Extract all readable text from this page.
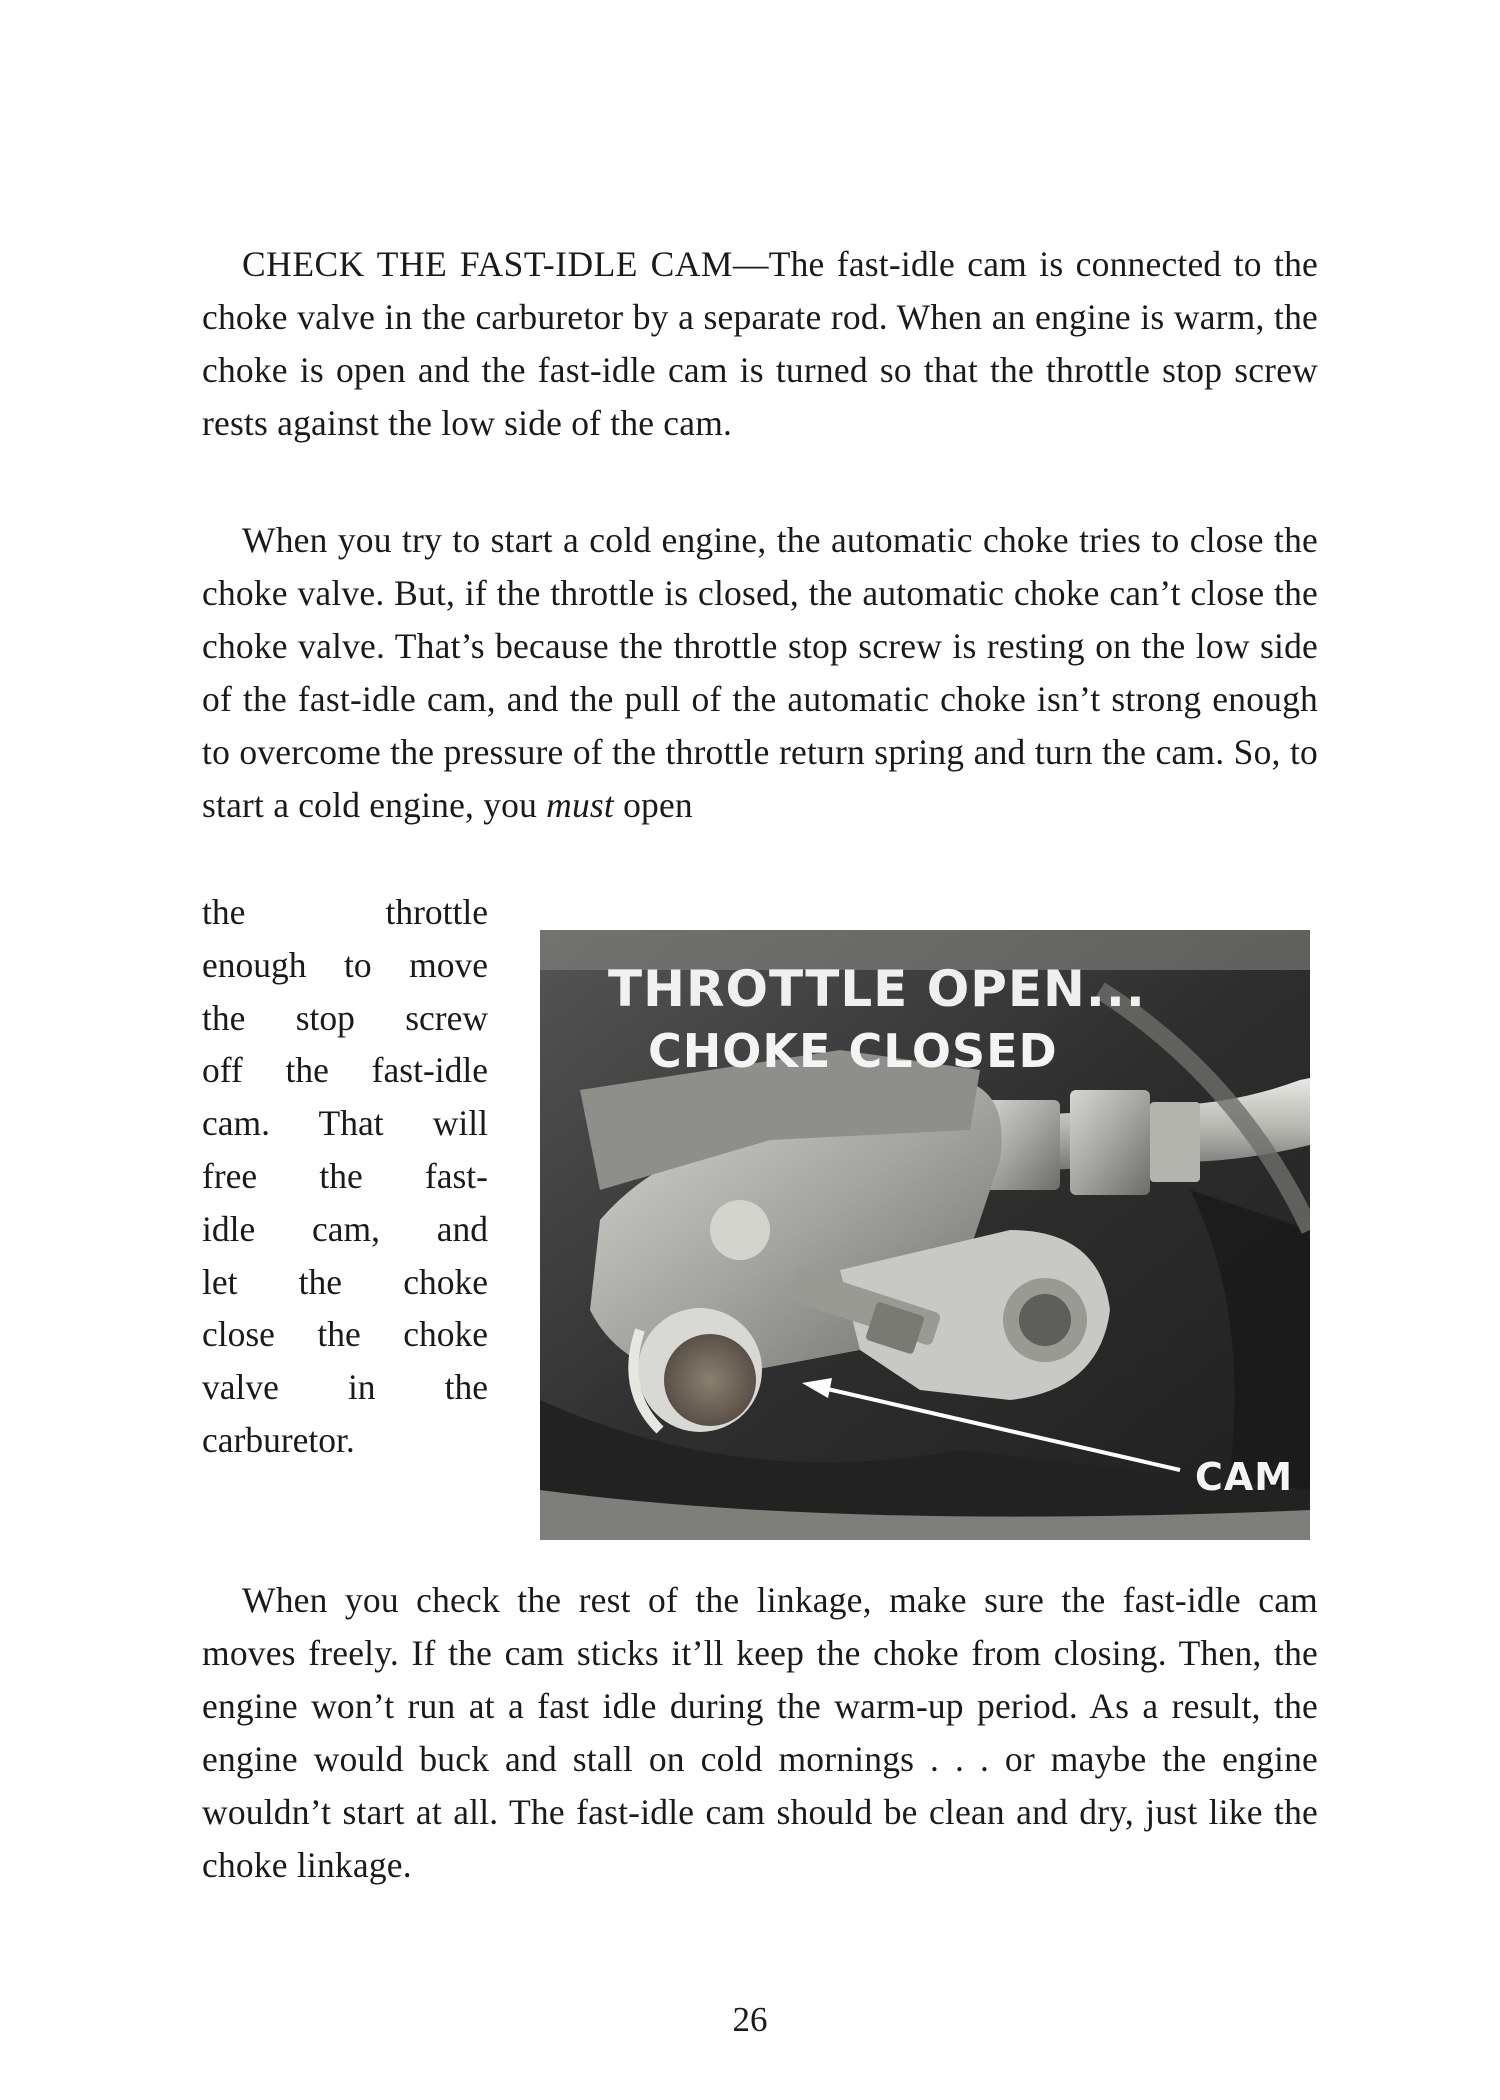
CHECK THE FAST-IDLE CAM—The fast-idle cam is connected to the choke valve in the carburetor by a separate rod. When an engine is warm, the choke is open and the fast-idle cam is turned so that the throttle stop screw rests against the low side of the cam.

When you try to start a cold engine, the automatic choke tries to close the choke valve. But, if the throttle is closed, the automatic choke can’t close the choke valve. That’s because the throttle stop screw is resting on the low side of the fast-idle cam, and the pull of the automatic choke isn’t strong enough to overcome the pressure of the throttle return spring and turn the cam. So, to start a cold engine, you must open

the throttle
enough to move
the stop screw
off the fast-idle
cam. That will
free the fast-
idle cam, and
let the choke
close the choke
valve in the
carburetor.
THROTTLE OPEN...
CHOKE CLOSED
CAM

When you check the rest of the linkage, make sure the fast-idle cam moves freely. If the cam sticks it’ll keep the choke from closing. Then, the engine won’t run at a fast idle during the warm-up period. As a result, the engine would buck and stall on cold mornings . . . or maybe the engine wouldn’t start at all. The fast-idle cam should be clean and dry, just like the choke linkage.

26
